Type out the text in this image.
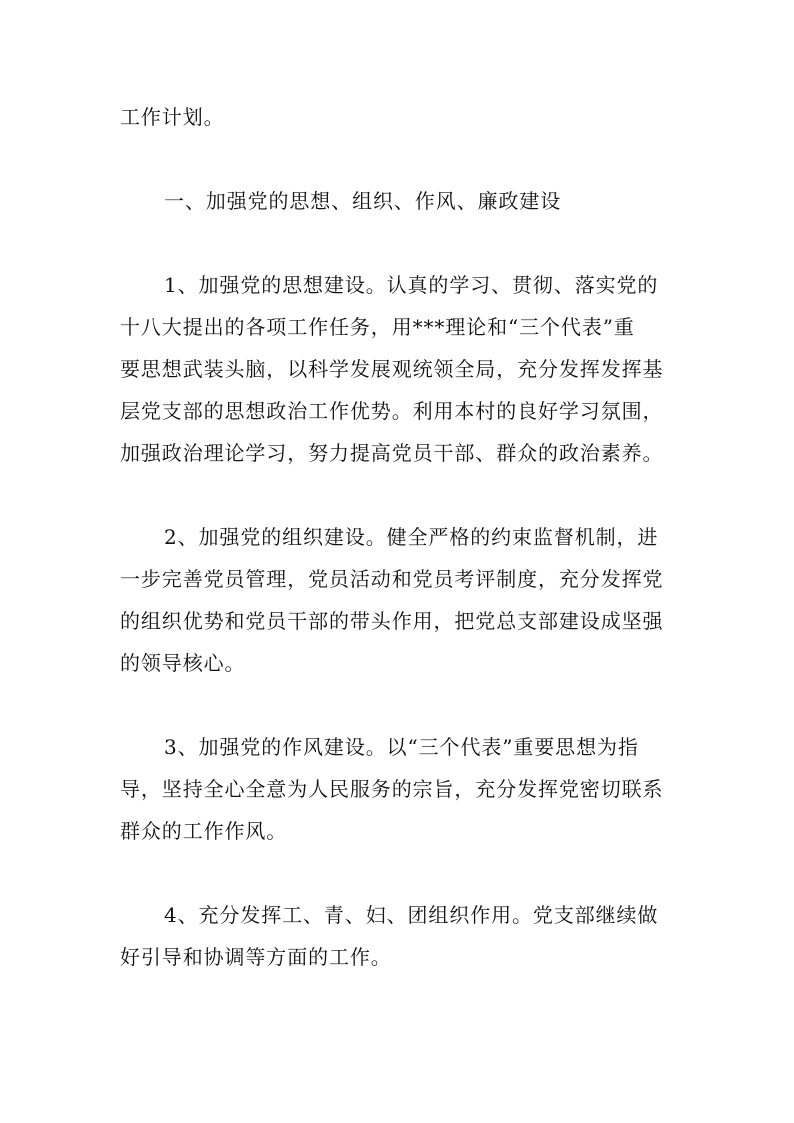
工作计划。
一、加强党的思想、组织、作风、廉政建设
1、加强党的思想建设。认真的学习、贯彻、落实党的
十八大提出的各项工作任务，用***理论和“三个代表”重
要思想武装头脑，以科学发展观统领全局，充分发挥发挥基
层党支部的思想政治工作优势。利用本村的良好学习氛围，
加强政治理论学习，努力提高党员干部、群众的政治素养。
2、加强党的组织建设。健全严格的约束监督机制，进
一步完善党员管理，党员活动和党员考评制度，充分发挥党
的组织优势和党员干部的带头作用，把党总支部建设成坚强
的领导核心。
3、加强党的作风建设。以“三个代表”重要思想为指
导，坚持全心全意为人民服务的宗旨，充分发挥党密切联系
群众的工作作风。
4、充分发挥工、青、妇、团组织作用。党支部继续做
好引导和协调等方面的工作。
